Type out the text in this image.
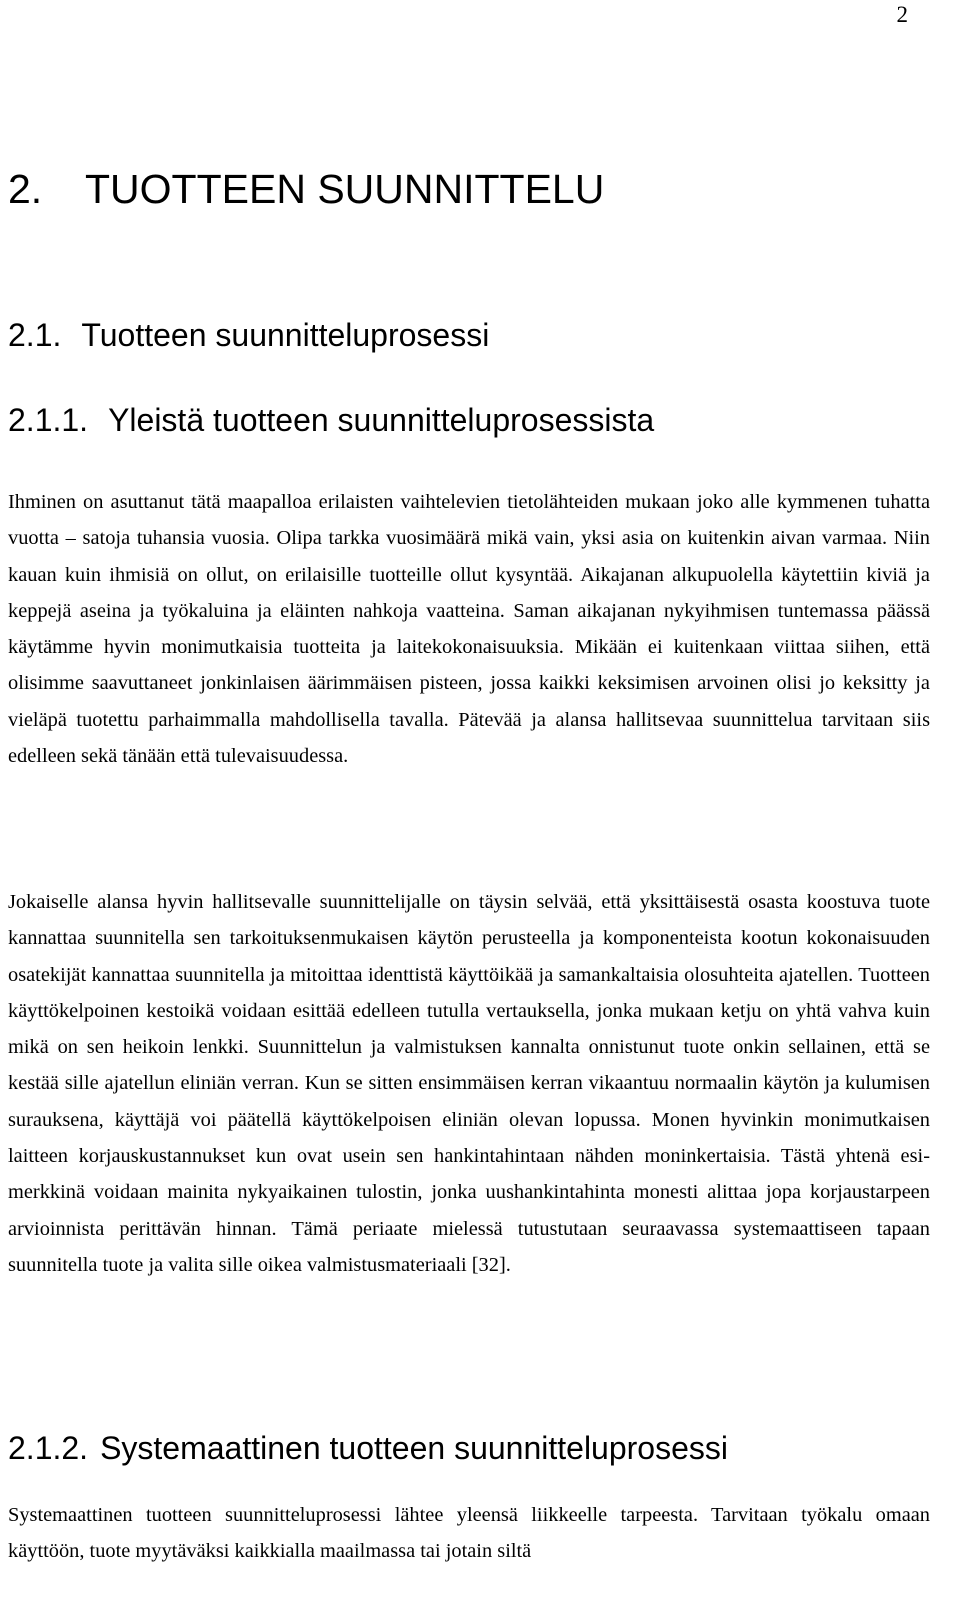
2
2. TUOTTEEN SUUNNITTELU
2.1. Tuotteen suunnitteluprosessi
2.1.1. Yleistä tuotteen suunnitteluprosessista

Ihminen on asuttanut tätä maapalloa erilaisten vaihtelevien tietolähteiden mukaan joko alle kymmenen tuhatta vuotta – satoja tuhansia vuosia. Olipa tarkka vuosimäärä mikä vain, yksi asia on kuitenkin aivan varmaa. Niin kauan kuin ihmisiä on ollut, on erilaisille tuotteille ollut kysyntää. Aikajanan alkupuolella käytettiin kiviä ja keppejä aseina ja työkaluina ja eläinten nahkoja vaatteina. Saman aikajanan nykyihmisen tuntemassa päässä käytämme hyvin monimutkaisia tuotteita ja laitekokonaisuuksia. Mikään ei kuitenkaan viittaa siihen, että olisimme saavuttaneet jonkinlaisen äärimmäisen pisteen, jossa kaikki keksimisen arvoinen olisi jo keksitty ja vieläpä tuotettu parhaimmalla mahdollisella tavalla. Pätevää ja alansa hallitsevaa suunnittelua tarvitaan siis edelleen sekä tänään että tulevaisuudessa.

Jokaiselle alansa hyvin hallitsevalle suunnittelijalle on täysin selvää, että yksittäisestä osasta koostuva tuote kannattaa suunnitella sen tarkoituksenmukaisen käytön perusteella ja komponenteista kootun kokonaisuuden osatekijät kannattaa suunnitella ja mitoittaa identtistä käyttöikää ja samankaltaisia olosuhteita ajatellen. Tuotteen käyttökelpoinen kestoikä voidaan esittää edelleen tutulla vertauksella, jonka mukaan ketju on yhtä vahva kuin mikä on sen heikoin lenkki. Suunnittelun ja valmistuksen kannalta onnistunut tuote onkin sellainen, että se kestää sille ajatellun eliniän verran. Kun se sitten ensimmäisen kerran vikaantuu normaalin käytön ja kulumisen surauksena, käyttäjä voi päätellä käyttökelpoisen eliniän olevan lopussa. Monen hyvinkin monimutkaisen laitteen korjauskustannukset kun ovat usein sen hankintahintaan nähden moninkertaisia. Tästä yhtenä esimerkkinä voidaan mainita nykyaikainen tulostin, jonka uushankintahinta monesti alittaa jopa korjaustarpeen arvioinnista perittävän hinnan. Tämä periaate mielessä tutustutaan seuraavassa systemaattiseen tapaan suunnitella tuote ja valita sille oikea valmistusmateriaali [32].

2.1.2. Systemaattinen tuotteen suunnitteluprosessi

Systemaattinen tuotteen suunnitteluprosessi lähtee yleensä liikkeelle tarpeesta. Tarvitaan työkalu omaan käyttöön, tuote myytäväksi kaikkialla maailmassa tai jotain siltä
